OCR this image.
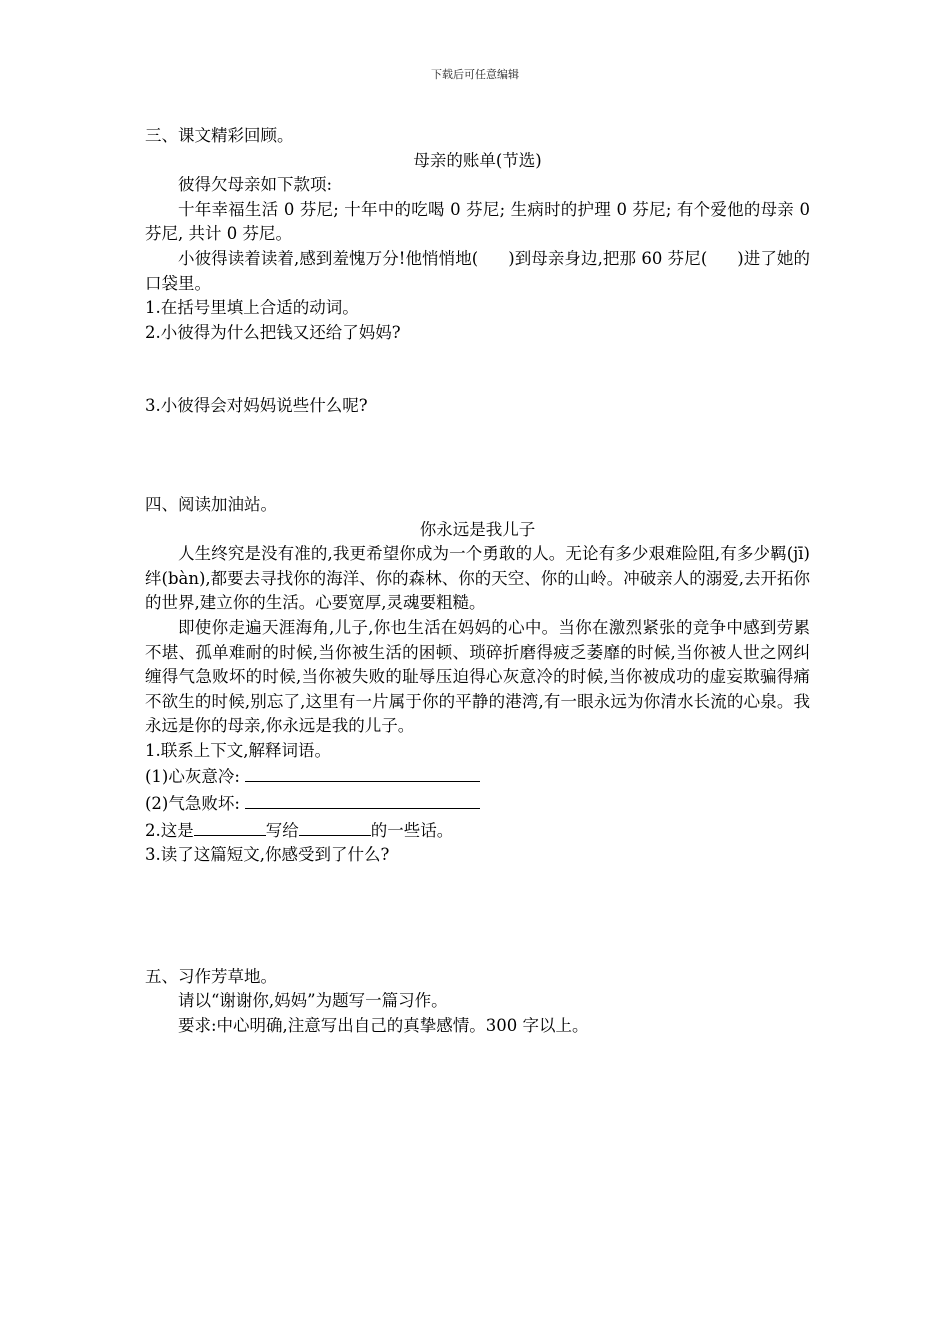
下载后可任意编辑

三、课文精彩回顾。

母亲的账单(节选)

彼得欠母亲如下款项:

十年幸福生活 0 芬尼; 十年中的吃喝 0 芬尼; 生病时的护理 0 芬尼; 有个爱他的母亲 0 芬尼, 共计 0 芬尼。

小彼得读着读着,感到羞愧万分!他悄悄地( )到母亲身边,把那 60 芬尼( )进了她的口袋里。

1.在括号里填上合适的动词。

2.小彼得为什么把钱又还给了妈妈?

3.小彼得会对妈妈说些什么呢?

四、阅读加油站。

你永远是我儿子

人生终究是没有准的,我更希望你成为一个勇敢的人。无论有多少艰难险阻,有多少羁(jī)绊(bàn),都要去寻找你的海洋、你的森林、你的天空、你的山岭。冲破亲人的溺爱,去开拓你的世界,建立你的生活。心要宽厚,灵魂要粗糙。

即使你走遍天涯海角,儿子,你也生活在妈妈的心中。当你在激烈紧张的竞争中感到劳累不堪、孤单难耐的时候,当你被生活的困顿、琐碎折磨得疲乏萎靡的时候,当你被人世之网纠缠得气急败坏的时候,当你被失败的耻辱压迫得心灰意冷的时候,当你被成功的虚妄欺骗得痛不欲生的时候,别忘了,这里有一片属于你的平静的港湾,有一眼永远为你清水长流的心泉。我永远是你的母亲,你永远是我的儿子。

1.联系上下文,解释词语。

(1)心灰意冷:

(2)气急败坏:

2.这是	写给	的一些话。

3.读了这篇短文,你感受到了什么?

五、习作芳草地。

请以“谢谢你,妈妈”为题写一篇习作。

要求:中心明确,注意写出自己的真挚感情。300 字以上。
